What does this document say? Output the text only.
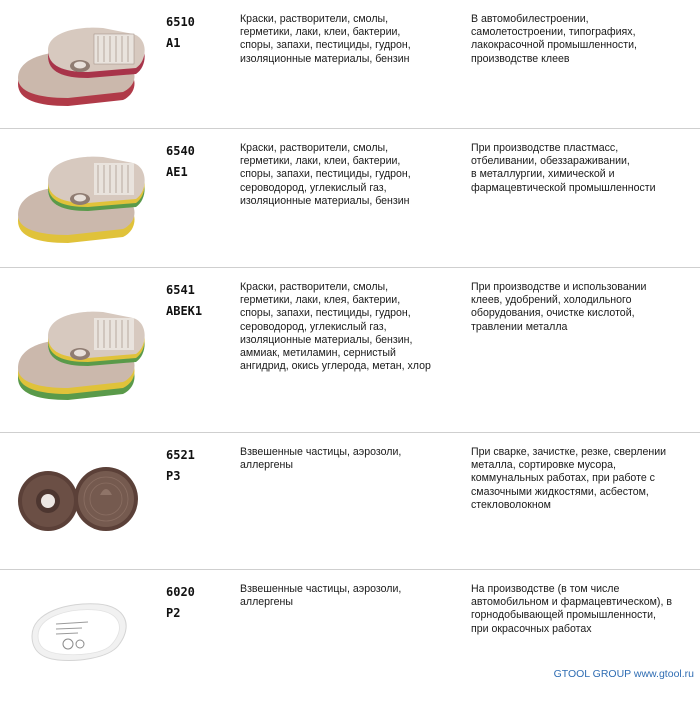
6510
A1
Краски, растворители, смолы,
герметики, лаки, клеи, бактерии,
споры, запахи, пестициды, гудрон,
изоляционные материалы, бензин
В автомобилестроении,
самолетостроении, типографиях,
лакокрасочной промышленности,
производстве клеев
6540
AE1
Краски, растворители, смолы,
герметики, лаки, клеи, бактерии,
споры, запахи, пестициды, гудрон,
сероводород, углекислый газ,
изоляционные материалы, бензин
При производстве пластмасс,
отбеливании, обеззараживании,
в металлургии, химической и
фармацевтической промышленности
6541
ABEK1
Краски, растворители, смолы,
герметики, лаки, клея, бактерии,
споры, запахи, пестициды, гудрон,
сероводород, углекислый газ,
изоляционные материалы, бензин,
аммиак, метиламин, сернистый
ангидрид, окись углерода, метан, хлор
При производстве и использовании
клеев, удобрений, холодильного
оборудования, очистке кислотой,
травлении металла
6521
P3
Взвешенные частицы, аэрозоли,
аллергены
При сварке, зачистке, резке, сверлении
металла, сортировке мусора,
коммунальных работах, при работе с
смазочными жидкостями, асбестом,
стекловолокном
6020
P2
Взвешенные частицы, аэрозоли,
аллергены
На производстве (в том числе
автомобильном и фармацевтическом), в
горнодобывающей промышленности,
при окрасочных работах
GTOOL GROUP www.gtool.ru
